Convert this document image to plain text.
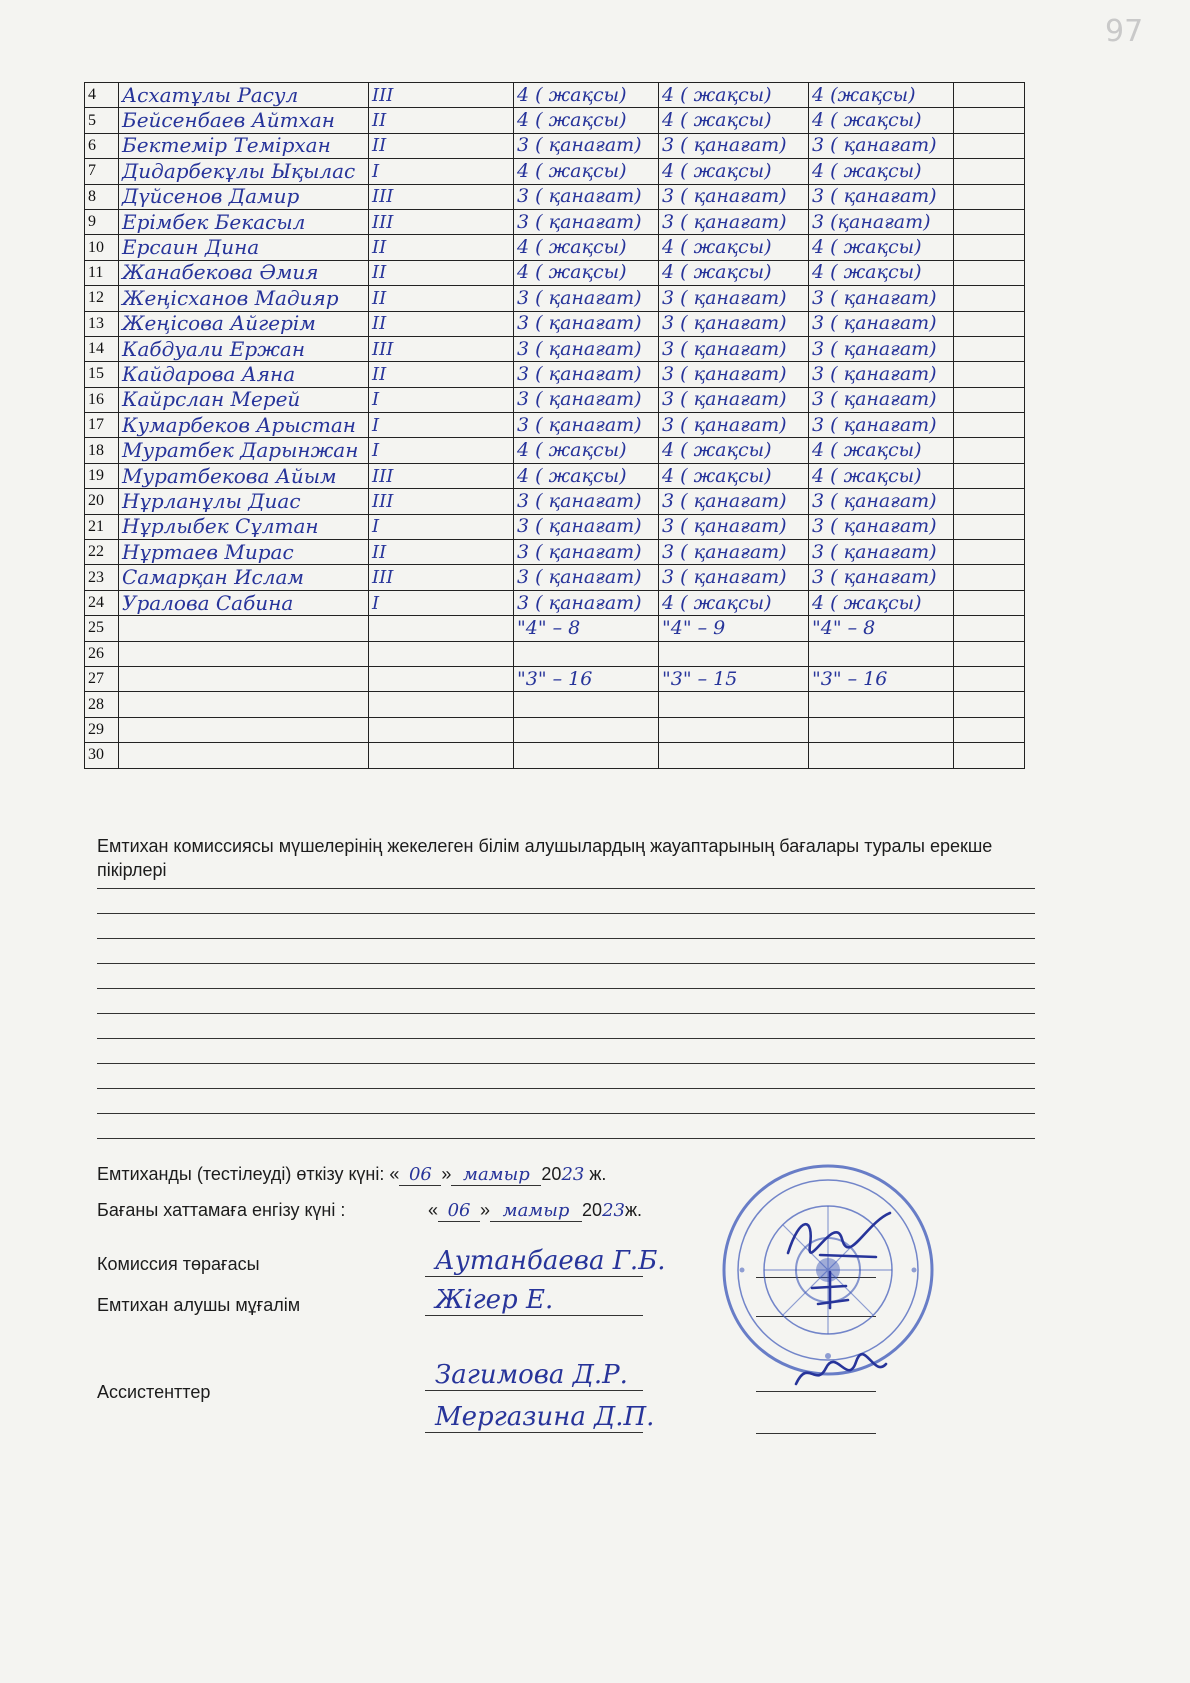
97
4	Асхатұлы Расул	III	4 ( жақсы)	4 ( жақсы)	4 (жақсы)	
5	Бейсенбаев Айтхан	II	4 ( жақсы)	4 ( жақсы)	4 ( жақсы)	
6	Бектемір Темірхан	II	3 ( қанағат)	3 ( қанағат)	3 ( қанағат)	
7	Дидарбекұлы Ықылас	I	4 ( жақсы)	4 ( жақсы)	4 ( жақсы)	
8	Дүйсенов Дамир	III	3 ( қанағат)	3 ( қанағат)	3 ( қанағат)	
9	Ерімбек Бекасыл	III	3 ( қанағат)	3 ( қанағат)	3 (қанағат)	
10	Ерсаин Дина	II	4 ( жақсы)	4 ( жақсы)	4 ( жақсы)	
11	Жанабекова Әмия	II	4 ( жақсы)	4 ( жақсы)	4 ( жақсы)	
12	Жеңісханов Мадияр	II	3 ( қанағат)	3 ( қанағат)	3 ( қанағат)	
13	Жеңісова Айгерім	II	3 ( қанағат)	3 ( қанағат)	3 ( қанағат)	
14	Кабдуали Ержан	III	3 ( қанағат)	3 ( қанағат)	3 ( қанағат)	
15	Кайдарова Аяна	II	3 ( қанағат)	3 ( қанағат)	3 ( қанағат)	
16	Кайрслан Мерей	I	3 ( қанағат)	3 ( қанағат)	3 ( қанағат)	
17	Кумарбеков Арыстан	I	3 ( қанағат)	3 ( қанағат)	3 ( қанағат)	
18	Муратбек Дарынжан	I	4 ( жақсы)	4 ( жақсы)	4 ( жақсы)	
19	Муратбекова Айым	III	4 ( жақсы)	4 ( жақсы)	4 ( жақсы)	
20	Нұрланұлы Диас	III	3 ( қанағат)	3 ( қанағат)	3 ( қанағат)	
21	Нұрлыбек Сұлтан	I	3 ( қанағат)	3 ( қанағат)	3 ( қанағат)	
22	Нұртаев Мирас	II	3 ( қанағат)	3 ( қанағат)	3 ( қанағат)	
23	Самарқан Ислам	III	3 ( қанағат)	3 ( қанағат)	3 ( қанағат)	
24	Уралова Сабина	I	3 ( қанағат)	4 ( жақсы)	4 ( жақсы)	
25			"4" – 8	"4" – 9	"4" – 8	
26						
27			"3" – 16	"3" – 15	"3" – 16	
28						
29						
30						
Емтихан комиссиясы мүшелерінің жекелеген білім алушылардың жауаптарының бағалары туралы ерекше пікірлері
Емтиханды (тестілеуді) өткізу күні: « 06 » мамыр 2023 ж.
Бағаны хаттамаға енгізу күні :	« 06 » мамыр 2023ж.
Комиссия төрағасы	Аутанбаева Г.Б.
Емтихан алушы мұғалім	Жігер Е.
Ассистенттер
Загимова Д.Р.
Мергазина Д.П.
